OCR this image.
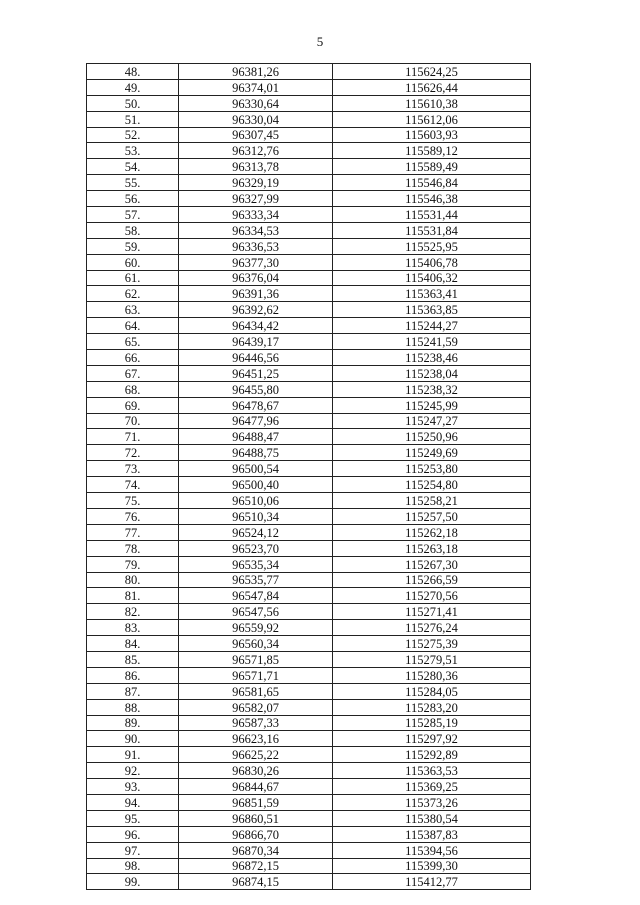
5
48.	96381,26	115624,25
49.	96374,01	115626,44
50.	96330,64	115610,38
51.	96330,04	115612,06
52.	96307,45	115603,93
53.	96312,76	115589,12
54.	96313,78	115589,49
55.	96329,19	115546,84
56.	96327,99	115546,38
57.	96333,34	115531,44
58.	96334,53	115531,84
59.	96336,53	115525,95
60.	96377,30	115406,78
61.	96376,04	115406,32
62.	96391,36	115363,41
63.	96392,62	115363,85
64.	96434,42	115244,27
65.	96439,17	115241,59
66.	96446,56	115238,46
67.	96451,25	115238,04
68.	96455,80	115238,32
69.	96478,67	115245,99
70.	96477,96	115247,27
71.	96488,47	115250,96
72.	96488,75	115249,69
73.	96500,54	115253,80
74.	96500,40	115254,80
75.	96510,06	115258,21
76.	96510,34	115257,50
77.	96524,12	115262,18
78.	96523,70	115263,18
79.	96535,34	115267,30
80.	96535,77	115266,59
81.	96547,84	115270,56
82.	96547,56	115271,41
83.	96559,92	115276,24
84.	96560,34	115275,39
85.	96571,85	115279,51
86.	96571,71	115280,36
87.	96581,65	115284,05
88.	96582,07	115283,20
89.	96587,33	115285,19
90.	96623,16	115297,92
91.	96625,22	115292,89
92.	96830,26	115363,53
93.	96844,67	115369,25
94.	96851,59	115373,26
95.	96860,51	115380,54
96.	96866,70	115387,83
97.	96870,34	115394,56
98.	96872,15	115399,30
99.	96874,15	115412,77
